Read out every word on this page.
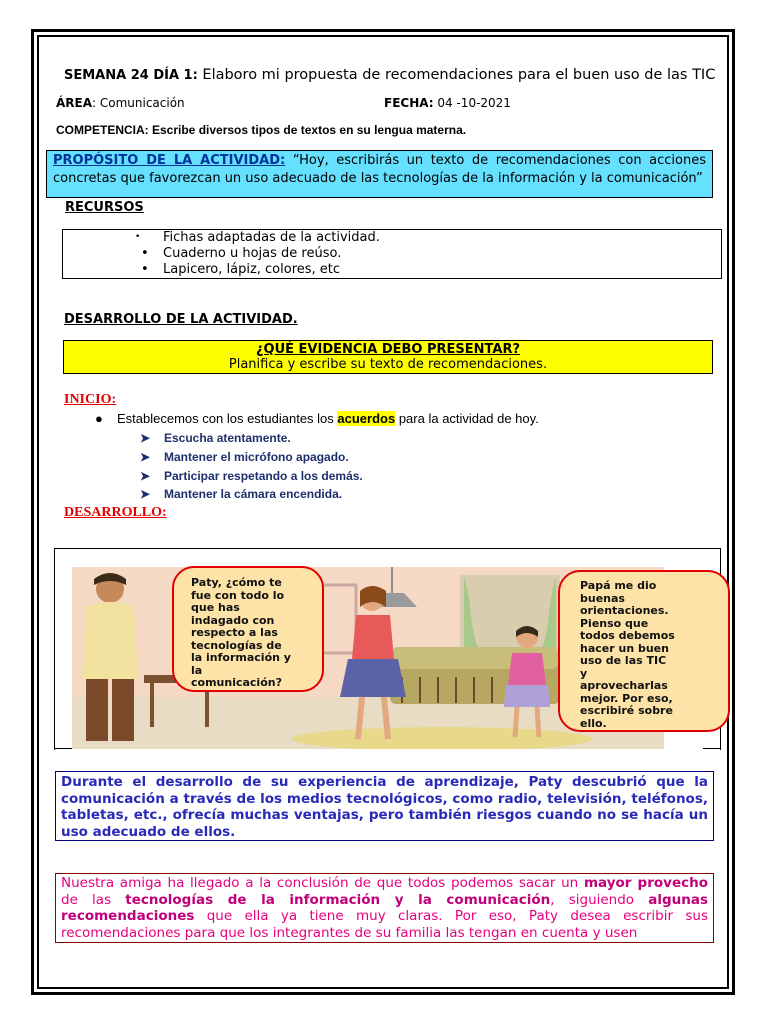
SEMANA 24 DÍA 1: Elaboro mi propuesta de recomendaciones para el buen uso de las TIC
ÁREA: Comunicación	FECHA: 04 -10-2021
COMPETENCIA: Escribe diversos tipos de textos en su lengua materna.
PROPÓSITO DE LA ACTIVIDAD: “Hoy, escribirás un texto de recomendaciones con acciones concretas que favorezcan un uso adecuado de las tecnologías de la información y la comunicación”
RECURSOS
• Fichas adaptadas de la actividad.
• Cuaderno u hojas de reúso.
• Lapicero, lápiz, colores, etc
DESARROLLO DE LA ACTIVIDAD.
¿QUÉ EVIDENCIA DEBO PRESENTAR?
Planifica y escribe su texto de recomendaciones.
INICIO:
● Establecemos con los estudiantes los acuerdos para la actividad de hoy.
➤ Escucha atentamente.
➤ Mantener el micrófono apagado.
➤ Participar respetando a los demás.
➤ Mantener la cámara encendida.
DESARROLLO:
Paty, ¿cómo te
fue con todo lo
que has
indagado con
respecto a las
tecnologías de
la información y
la
comunicación?
Papá me dio
buenas
orientaciones.
Pienso que
todos debemos
hacer un buen
uso de las TIC
y
aprovecharlas
mejor. Por eso,
escribiré sobre
ello.
Durante el desarrollo de su experiencia de aprendizaje, Paty descubrió que la comunicación a través de los medios tecnológicos, como radio, televisión, teléfonos, tabletas, etc., ofrecía muchas ventajas, pero también riesgos cuando no se hacía un uso adecuado de ellos.
Nuestra amiga ha llegado a la conclusión de que todos podemos sacar un mayor provecho de las tecnologías de la información y la comunicación, siguiendo algunas recomendaciones que ella ya tiene muy claras. Por eso, Paty desea escribir sus recomendaciones para que los integrantes de su familia las tengan en cuenta y usen
